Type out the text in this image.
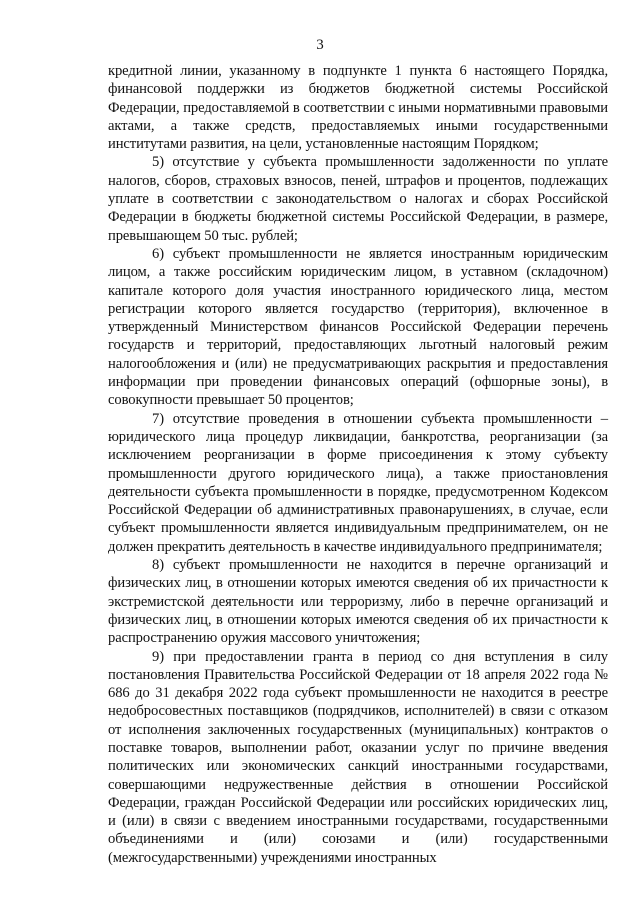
3

кредитной линии, указанному в подпункте 1 пункта 6 настоящего Порядка, финансовой поддержки из бюджетов бюджетной системы Российской Федерации, предоставляемой в соответствии с иными нормативными правовыми актами, а также средств, предоставляемых иными государственными институтами развития, на цели, установленные настоящим Порядком;

5) отсутствие у субъекта промышленности задолженности по уплате налогов, сборов, страховых взносов, пеней, штрафов и процентов, подлежащих уплате в соответствии с законодательством о налогах и сборах Российской Федерации в бюджеты бюджетной системы Российской Федерации, в размере, превышающем 50 тыс. рублей;

6) субъект промышленности не является иностранным юридическим лицом, а также российским юридическим лицом, в уставном (складочном) капитале которого доля участия иностранного юридического лица, местом регистрации которого является государство (территория), включенное в утвержденный Министерством финансов Российской Федерации перечень государств и территорий, предоставляющих льготный налоговый режим налогообложения и (или) не предусматривающих раскрытия и предоставления информации при проведении финансовых операций (офшорные зоны), в совокупности превышает 50 процентов;

7) отсутствие проведения в отношении субъекта промышленности – юридического лица процедур ликвидации, банкротства, реорганизации (за исключением реорганизации в форме присоединения к этому субъекту промышленности другого юридического лица), а также приостановления деятельности субъекта промышленности в порядке, предусмотренном Кодексом Российской Федерации об административных правонарушениях, в случае, если субъект промышленности является индивидуальным предпринимателем, он не должен прекратить деятельность в качестве индивидуального предпринимателя;

8) субъект промышленности не находится в перечне организаций и физических лиц, в отношении которых имеются сведения об их причастности к экстремистской деятельности или терроризму, либо в перечне организаций и физических лиц, в отношении которых имеются сведения об их причастности к распространению оружия массового уничтожения;

9) при предоставлении гранта в период со дня вступления в силу постановления Правительства Российской Федерации от 18 апреля 2022 года № 686 до 31 декабря 2022 года субъект промышленности не находится в реестре недобросовестных поставщиков (подрядчиков, исполнителей) в связи с отказом от исполнения заключенных государственных (муниципальных) контрактов о поставке товаров, выполнении работ, оказании услуг по причине введения политических или экономических санкций иностранными государствами, совершающими недружественные действия в отношении Российской Федерации, граждан Российской Федерации или российских юридических лиц, и (или) в связи с введением иностранными государствами, государственными объединениями и (или) союзами и (или) государственными (межгосударственными) учреждениями иностранных
